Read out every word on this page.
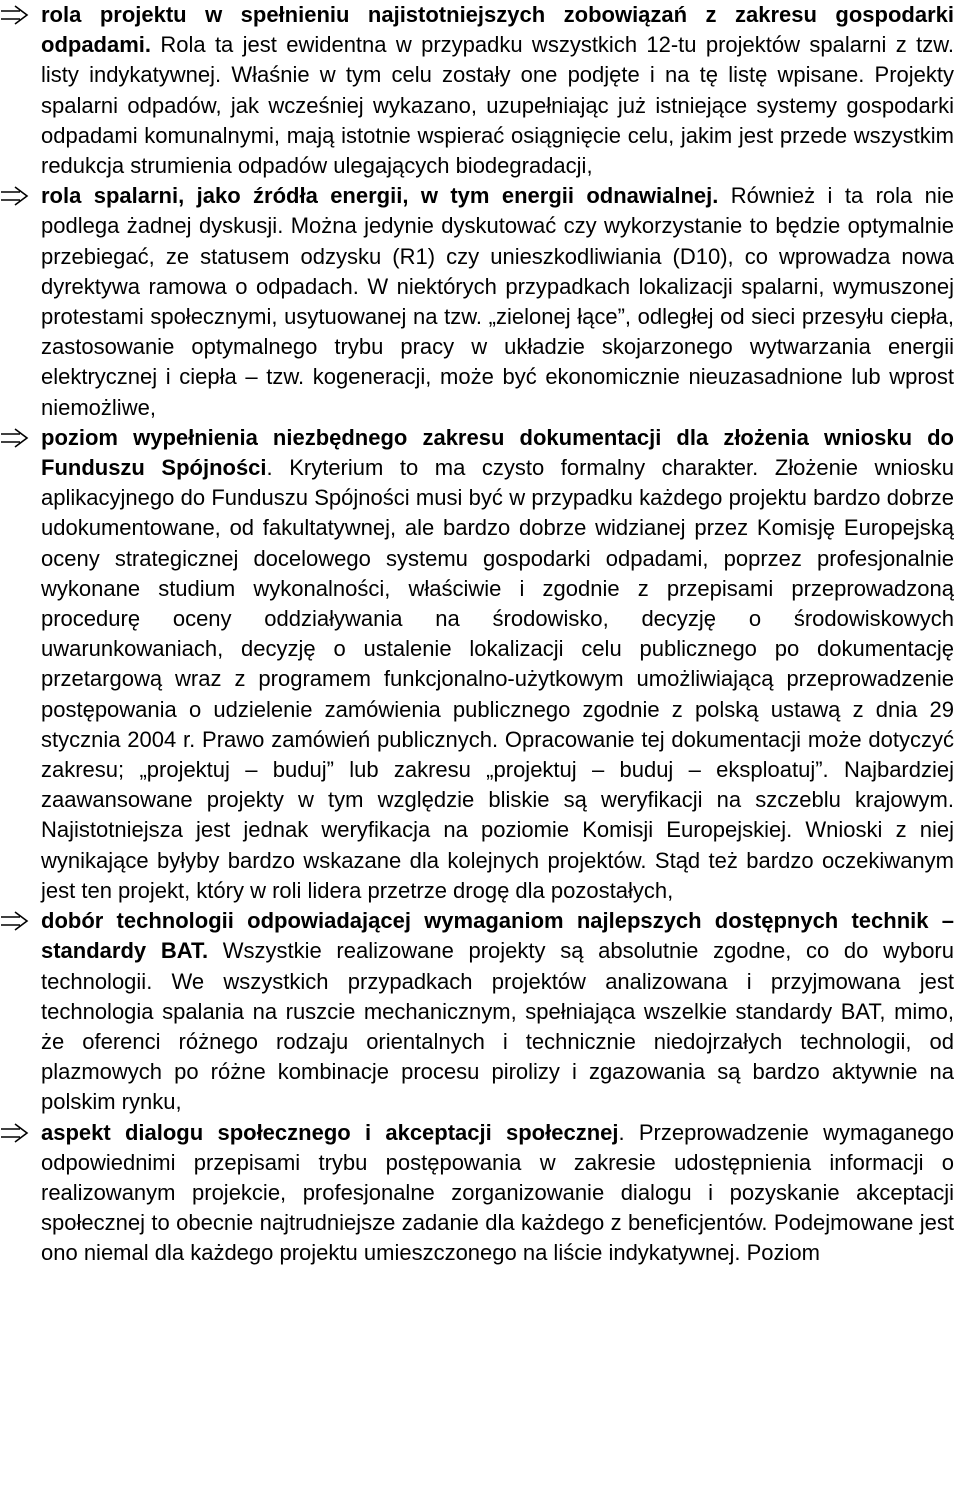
rola projektu w spełnieniu najistotniejszych zobowiązań z zakresu gospodarki odpadami. Rola ta jest ewidentna w przypadku wszystkich 12-tu projektów spalarni z tzw. listy indykatywnej. Właśnie w tym celu zostały one podjęte i na tę listę wpisane. Projekty spalarni odpadów, jak wcześniej wykazano, uzupełniając już istniejące systemy gospodarki odpadami komunalnymi, mają istotnie wspierać osiągnięcie celu, jakim jest przede wszystkim redukcja strumienia odpadów ulegających biodegradacji,
rola spalarni, jako źródła energii, w tym energii odnawialnej. Również i ta rola nie podlega żadnej dyskusji. Można jedynie dyskutować czy wykorzystanie to będzie optymalnie przebiegać, ze statusem odzysku (R1) czy unieszkodliwiania (D10), co wprowadza nowa dyrektywa ramowa o odpadach. W niektórych przypadkach lokalizacji spalarni, wymuszonej protestami społecznymi, usytuowanej na tzw. „zielonej łące”, odległej od sieci przesyłu ciepła, zastosowanie optymalnego trybu pracy w układzie skojarzonego wytwarzania energii elektrycznej i ciepła – tzw. kogeneracji, może być ekonomicznie nieuzasadnione lub wprost niemożliwe,
poziom wypełnienia niezbędnego zakresu dokumentacji dla złożenia wniosku do Funduszu Spójności. Kryterium to ma czysto formalny charakter. Złożenie wniosku aplikacyjnego do Funduszu Spójności musi być w przypadku każdego projektu bardzo dobrze udokumentowane, od fakultatywnej, ale bardzo dobrze widzianej przez Komisję Europejską oceny strategicznej docelowego systemu gospodarki odpadami, poprzez profesjonalnie wykonane studium wykonalności, właściwie i zgodnie z przepisami przeprowadzoną procedurę oceny oddziaływania na środowisko, decyzję o środowiskowych uwarunkowaniach, decyzję o ustalenie lokalizacji celu publicznego po dokumentację przetargową wraz z programem funkcjonalno-użytkowym umożliwiającą przeprowadzenie postępowania o udzielenie zamówienia publicznego zgodnie z polską ustawą z dnia 29 stycznia 2004 r. Prawo zamówień publicznych. Opracowanie tej dokumentacji może dotyczyć zakresu; „projektuj – buduj” lub zakresu „projektuj – buduj – eksploatuj”. Najbardziej zaawansowane projekty w tym względzie bliskie są weryfikacji na szczeblu krajowym. Najistotniejsza jest jednak weryfikacja na poziomie Komisji Europejskiej. Wnioski z niej wynikające byłyby bardzo wskazane dla kolejnych projektów. Stąd też bardzo oczekiwanym jest ten projekt, który w roli lidera przetrze drogę dla pozostałych,
dobór technologii odpowiadającej wymaganiom najlepszych dostępnych technik – standardy BAT. Wszystkie realizowane projekty są absolutnie zgodne, co do wyboru technologii. We wszystkich przypadkach projektów analizowana i przyjmowana jest technologia spalania na ruszcie mechanicznym, spełniająca wszelkie standardy BAT, mimo, że oferenci różnego rodzaju orientalnych i technicznie niedojrzałych technologii, od plazmowych po różne kombinacje procesu pirolizy i zgazowania są bardzo aktywnie na polskim rynku,
aspekt dialogu społecznego i akceptacji społecznej. Przeprowadzenie wymaganego odpowiednimi przepisami trybu postępowania w zakresie udostępnienia informacji o realizowanym projekcie, profesjonalne zorganizowanie dialogu i pozyskanie akceptacji społecznej to obecnie najtrudniejsze zadanie dla każdego z beneficjentów. Podejmowane jest ono niemal dla każdego projektu umieszczonego na liście indykatywnej. Poziom
